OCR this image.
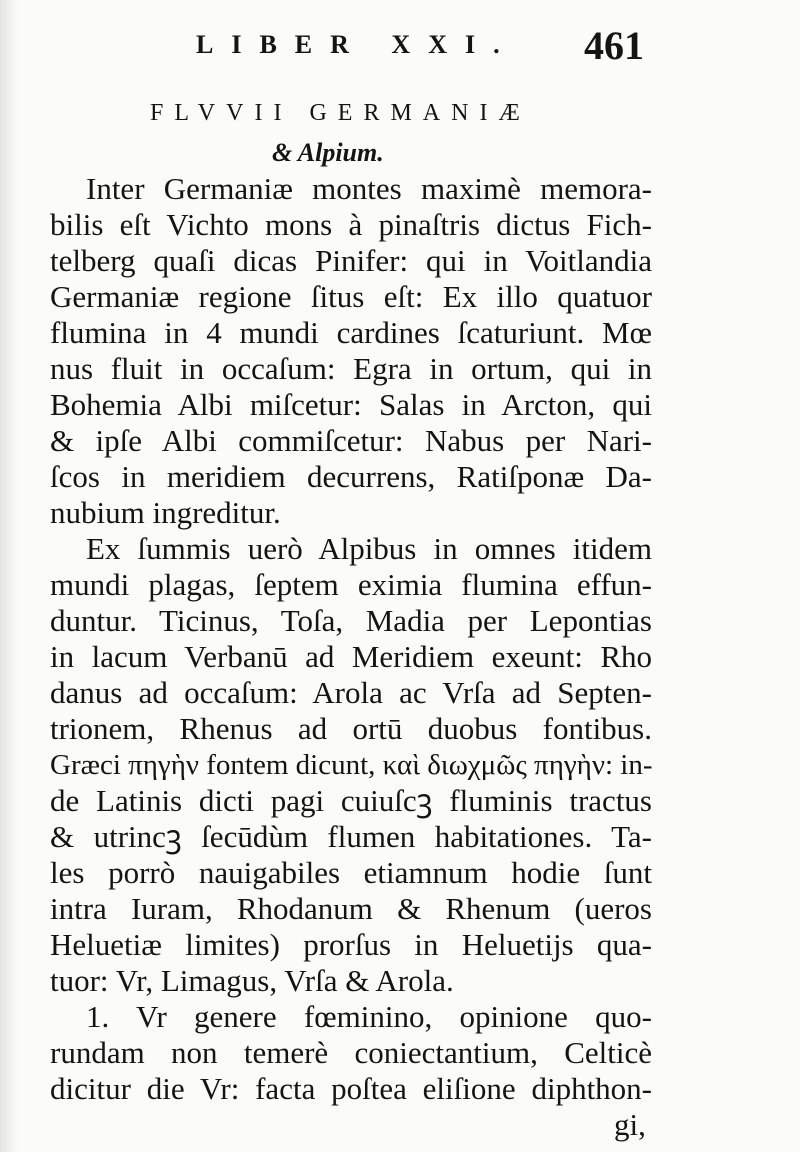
LIBER XXI. 461
FLVVII GERMANIÆ
& Alpium.
Inter Germaniæ montes maximè memora-
bilis eſt Vichto mons à pinaſtris dictus Fich-
telberg quaſi dicas Pinifer: qui in Voitlandia
Germaniæ regione ſitus eſt: Ex illo quatuor
flumina in 4 mundi cardines ſcaturiunt. Mœ
nus fluit in occaſum: Egra in ortum, qui in
Bohemia Albi miſcetur: Salas in Arcton, qui
& ipſe Albi commiſcetur: Nabus per Nari-
ſcos in meridiem decurrens, Ratiſponæ Da-
nubium ingreditur.
Ex ſummis uerò Alpibus in omnes itidem
mundi plagas, ſeptem eximia flumina effun-
duntur. Ticinus, Toſa, Madia per Lepontias
in lacum Verbanū ad Meridiem exeunt: Rho
danus ad occaſum: Arola ac Vrſa ad Septen-
trionem, Rhenus ad ortū duobus fontibus.
Græci πηγὴν fontem dicunt, καὶ διωχμῶς πηγὴν: in-
de Latinis dicti pagi cuiuſcꝫ fluminis tractus
& utrincꝫ ſecūdùm flumen habitationes. Ta-
les porrò nauigabiles etiamnum hodie ſunt
intra Iuram, Rhodanum & Rhenum (ueros
Heluetiæ limites) prorſus in Heluetijs qua-
tuor: Vr, Limagus, Vrſa & Arola.
1. Vr genere fœminino, opinione quo-
rundam non temerè coniectantium, Celticè
dicitur die Vr: facta poſtea eliſione diphthon-
gi,
